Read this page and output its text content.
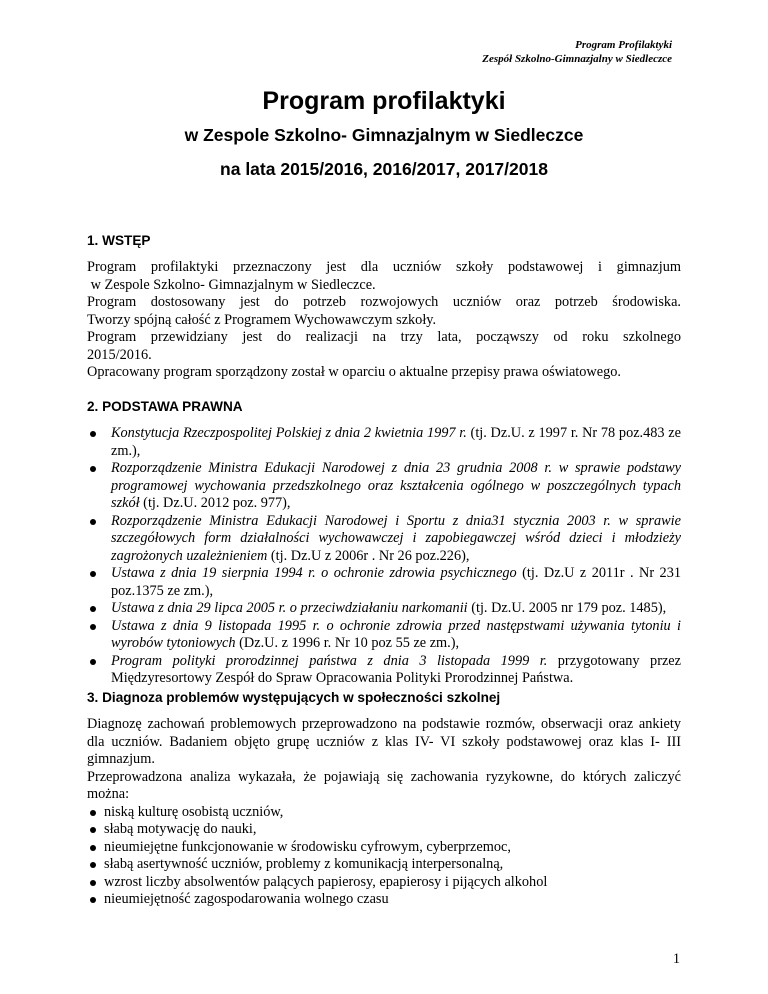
Program Profilaktyki
Zespół Szkolno-Gimnazjalny w Siedleczce
Program profilaktyki
w Zespole Szkolno- Gimnazjalnym w Siedleczce
na lata 2015/2016, 2016/2017, 2017/2018
1. WSTĘP
Program profilaktyki przeznaczony jest dla uczniów szkoły podstawowej i gimnazjum
w Zespole Szkolno- Gimnazjalnym w Siedleczce.
Program dostosowany jest do potrzeb rozwojowych uczniów oraz potrzeb środowiska.
Tworzy spójną całość z Programem Wychowawczym szkoły.
Program przewidziany jest do realizacji na trzy lata, począwszy od roku szkolnego
2015/2016.
Opracowany program sporządzony został w oparciu o aktualne przepisy prawa oświatowego.
2. PODSTAWA PRAWNA
Konstytucja Rzeczpospolitej Polskiej z dnia 2 kwietnia 1997 r. (tj. Dz.U. z 1997 r. Nr 78 poz.483 ze zm.),
Rozporządzenie Ministra Edukacji Narodowej z dnia 23 grudnia 2008 r. w sprawie podstawy programowej wychowania przedszkolnego oraz kształcenia ogólnego w poszczególnych typach szkół (tj. Dz.U. 2012 poz. 977),
Rozporządzenie Ministra Edukacji Narodowej i Sportu z dnia31 stycznia 2003 r. w sprawie szczegółowych form działalności wychowawczej i zapobiegawczej wśród dzieci i młodzieży zagrożonych uzależnieniem (tj. Dz.U z 2006r . Nr 26 poz.226),
Ustawa z dnia 19 sierpnia 1994 r. o ochronie zdrowia psychicznego (tj. Dz.U z 2011r . Nr 231 poz.1375 ze zm.),
Ustawa z dnia 29 lipca 2005 r. o przeciwdziałaniu narkomanii (tj. Dz.U. 2005 nr 179 poz. 1485),
Ustawa z dnia 9 listopada 1995 r. o ochronie zdrowia przed następstwami używania tytoniu i wyrobów tytoniowych (Dz.U. z 1996 r. Nr 10 poz 55 ze zm.),
Program polityki prorodzinnej państwa z dnia 3 listopada 1999 r. przygotowany przez Międzyresortowy Zespół do Spraw Opracowania Polityki Prorodzinnej Państwa.
3. Diagnoza problemów występujących w społeczności szkolnej

Diagnozę zachowań problemowych przeprowadzono na podstawie rozmów, obserwacji oraz ankiety dla uczniów. Badaniem objęto grupę uczniów z klas IV- VI szkoły podstawowej oraz klas I- III gimnazjum.

Przeprowadzona analiza wykazała, że pojawiają się zachowania ryzykowne, do których zaliczyć można:

niską kulturę osobistą uczniów,
słabą motywację do nauki,
nieumiejętne funkcjonowanie w środowisku cyfrowym, cyberprzemoc,
słabą asertywność uczniów, problemy z komunikacją interpersonalną,
wzrost liczby absolwentów palących papierosy, epapierosy i pijących alkohol
nieumiejętność zagospodarowania wolnego czasu
1
